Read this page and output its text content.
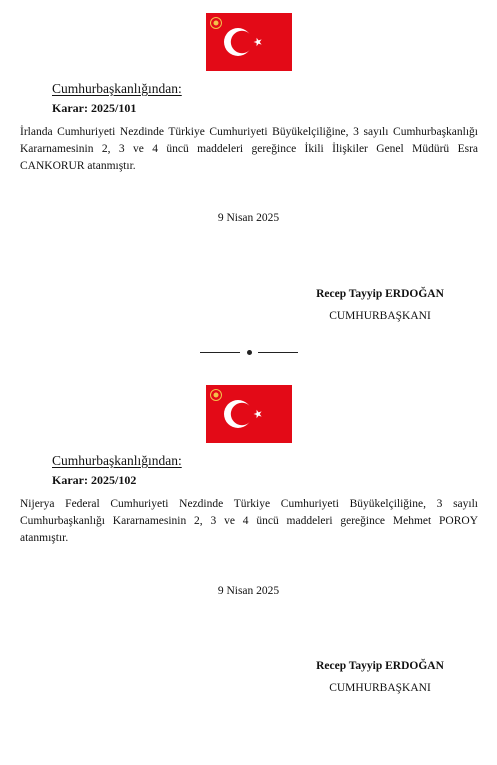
Cumhurbaşkanlığından:
Karar: 2025/101

İrlanda Cumhuriyeti Nezdinde Türkiye Cumhuriyeti Büyükelçiliğine, 3 sayılı Cumhurbaşkanlığı Kararnamesinin 2, 3 ve 4 üncü maddeleri gereğince İkili İlişkiler Genel Müdürü Esra CANKORUR atanmıştır.

9 Nisan 2025
Recep Tayyip ERDOĞAN
CUMHURBAŞKANI
Cumhurbaşkanlığından:
Karar: 2025/102

Nijerya Federal Cumhuriyeti Nezdinde Türkiye Cumhuriyeti Büyükelçiliğine, 3 sayılı Cumhurbaşkanlığı Kararnamesinin 2, 3 ve 4 üncü maddeleri gereğince Mehmet POROY atanmıştır.

9 Nisan 2025
Recep Tayyip ERDOĞAN
CUMHURBAŞKANI
